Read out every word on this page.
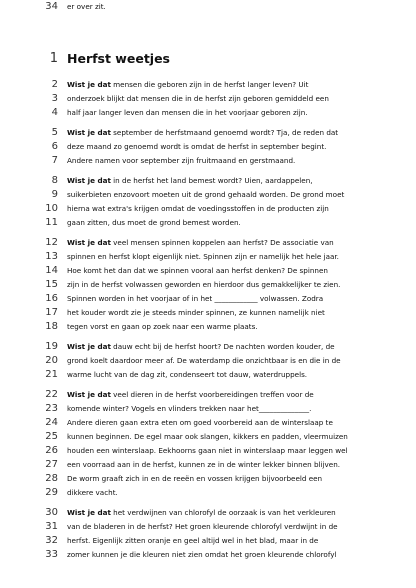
1 Herfst weetjes
2 Wist je dat mensen die geboren zijn in de herfst langer leven? Uit
3 onderzoek blijkt dat mensen die in de herfst zijn geboren gemiddeld een
4 half jaar langer leven dan mensen die in het voorjaar geboren zijn.
5 Wist je dat september de herfstmaand genoemd wordt? Tja, de reden dat
6 deze maand zo genoemd wordt is omdat de herfst in september begint.
7 Andere namen voor september zijn fruitmaand en gerstmaand.
8 Wist je dat in de herfst het land bemest wordt? Uien, aardappelen,
9 suikerbieten enzovoort moeten uit de grond gehaald worden. De grond moet
10 hierna wat extra's krijgen omdat de voedingsstoffen in de producten zijn
11 gaan zitten, dus moet de grond bemest worden.
12 Wist je dat veel mensen spinnen koppelen aan herfst? De associatie van
13 spinnen en herfst klopt eigenlijk niet. Spinnen zijn er namelijk het hele jaar.
14 Hoe komt het dan dat we spinnen vooral aan herfst denken? De spinnen
15 zijn in de herfst volwassen geworden en hierdoor dus gemakkelijker te zien.
16 Spinnen worden in het voorjaar of in het ____________ volwassen. Zodra
17 het kouder wordt zie je steeds minder spinnen, ze kunnen namelijk niet
18 tegen vorst en gaan op zoek naar een warme plaats.
19 Wist je dat dauw echt bij de herfst hoort? De nachten worden kouder, de
20 grond koelt daardoor meer af. De waterdamp die onzichtbaar is en die in de
21 warme lucht van de dag zit, condenseert tot dauw, waterdruppels.
22 Wist je dat veel dieren in de herfst voorbereidingen treffen voor de
23 komende winter? Vogels en vlinders trekken naar het______________.
24 Andere dieren gaan extra eten om goed voorbereid aan de winterslaap te
25 kunnen beginnen. De egel maar ook slangen, kikkers en padden, vleermuizen
26 houden een winterslaap. Eekhoorns gaan niet in winterslaap maar leggen wel
27 een voorraad aan in de herfst, kunnen ze in de winter lekker binnen blijven.
28 De worm graaft zich in en de reeën en vossen krijgen bijvoorbeeld een
29 dikkere vacht.
30 Wist je dat het verdwijnen van chlorofyl de oorzaak is van het verkleuren
31 van de bladeren in de herfst? Het groen kleurende chlorofyl verdwijnt in de
32 herfst. Eigenlijk zitten oranje en geel altijd wel in het blad, maar in de
33 zomer kunnen je die kleuren niet zien omdat het groen kleurende chlorofyl
34 er over zit.
